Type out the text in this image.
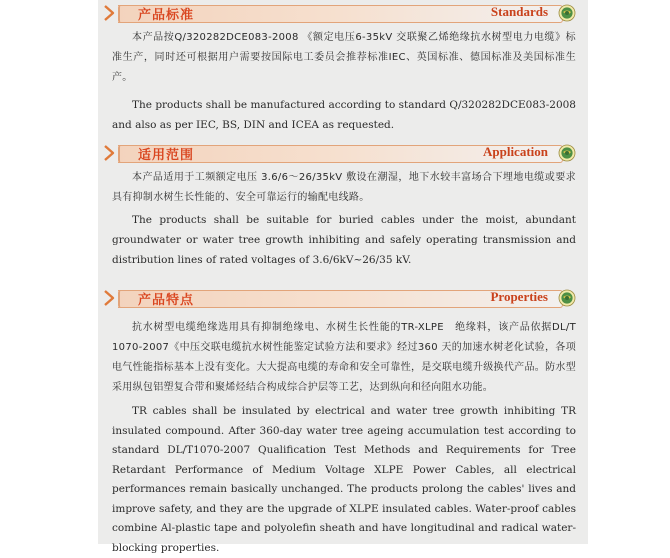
产品标准	Standards

本产品按Q/320282DCE083-2008 《额定电压6-35kV 交联聚乙烯绝缘抗水树型电力电缆》标准生产，同时还可根据用户需要按国际电工委员会推荐标准IEC、英国标准、德国标准及美国标准生产。

The products shall be manufactured according to standard Q/320282DCE083-2008 and also as per IEC, BS, DIN and ICEA as requested.

适用范围	Application

本产品适用于工频额定电压 3.6/6～26/35kV 敷设在潮湿，地下水较丰富场合下埋地电缆或要求具有抑制水树生长性能的、安全可靠运行的输配电线路。

The products shall be suitable for buried cables under the moist, abundant groundwater or water tree growth inhibiting and safely operating transmission and distribution lines of rated voltages of 3.6/6kV~26/35 kV.

产品特点	Properties

抗水树型电缆绝缘选用具有抑制绝缘电、水树生长性能的TR-XLPE　绝缘料，该产品依据DL/T 1070-2007《中压交联电缆抗水树性能鉴定试验方法和要求》经过360 天的加速水树老化试验，各项电气性能指标基本上没有变化。大大提高电缆的寿命和安全可靠性，是交联电缆升级换代产品。防水型采用纵包铝塑复合带和聚烯烃结合构成综合护层等工艺，达到纵向和径向阻水功能。

TR cables shall be insulated by electrical and water tree growth inhibiting TR insulated compound. After 360-day water tree ageing accumulation test according to standard DL/T1070-2007 Qualification Test Methods and Requirements for Tree Retardant Performance of Medium Voltage XLPE Power Cables, all electrical performances remain basically unchanged. The products prolong the cables' lives and improve safety, and they are the upgrade of XLPE insulated cables. Water-proof cables combine Al-plastic tape and polyolefin sheath and have longitudinal and radical water-blocking properties.
